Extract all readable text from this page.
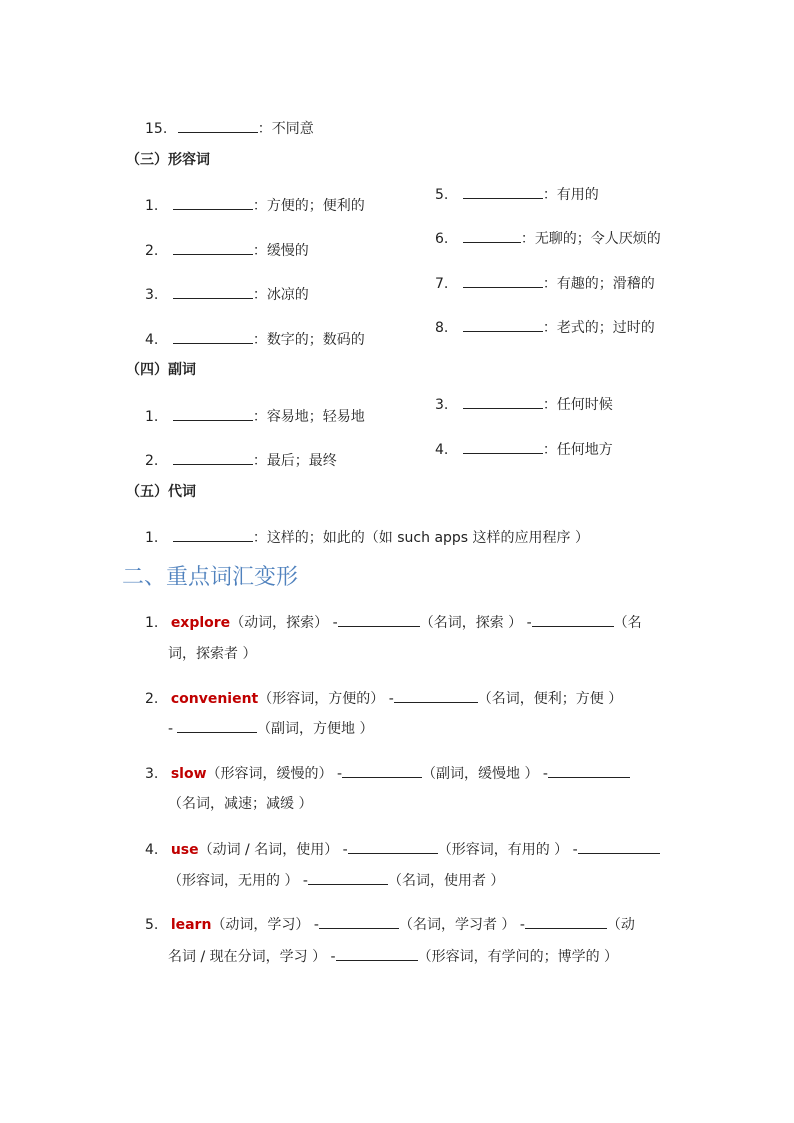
15.	：不同意
（三）形容词
1.	：方便的；便利的
2.	：缓慢的
3.	：冰凉的
4.	：数字的；数码的
5.	：有用的
6.	：无聊的；令人厌烦的
7.	：有趣的；滑稽的
8.	：老式的；过时的
（四）副词
1.	：容易地；轻易地
2.	：最后；最终
3.	：任何时候
4.	：任何地方
（五）代词
1.	：这样的；如此的（如 such apps 这样的应用程序 ）
二、重点词汇变形
1. explore（动词，探索） -	（名词，探索 ） -	（名
词，探索者 ）
2. convenient（形容词，方便的） -	（名词，便利；方便 ）
-	（副词，方便地 ）
3. slow（形容词，缓慢的） -	（副词，缓慢地 ） -
（名词，减速；减缓 ）
4. use（动词 / 名词，使用） -	（形容词，有用的 ） -
（形容词，无用的 ） -	（名词，使用者 ）
5. learn（动词，学习） -	（名词，学习者 ） -	（动
名词 / 现在分词，学习 ） -	（形容词，有学问的；博学的 ）
